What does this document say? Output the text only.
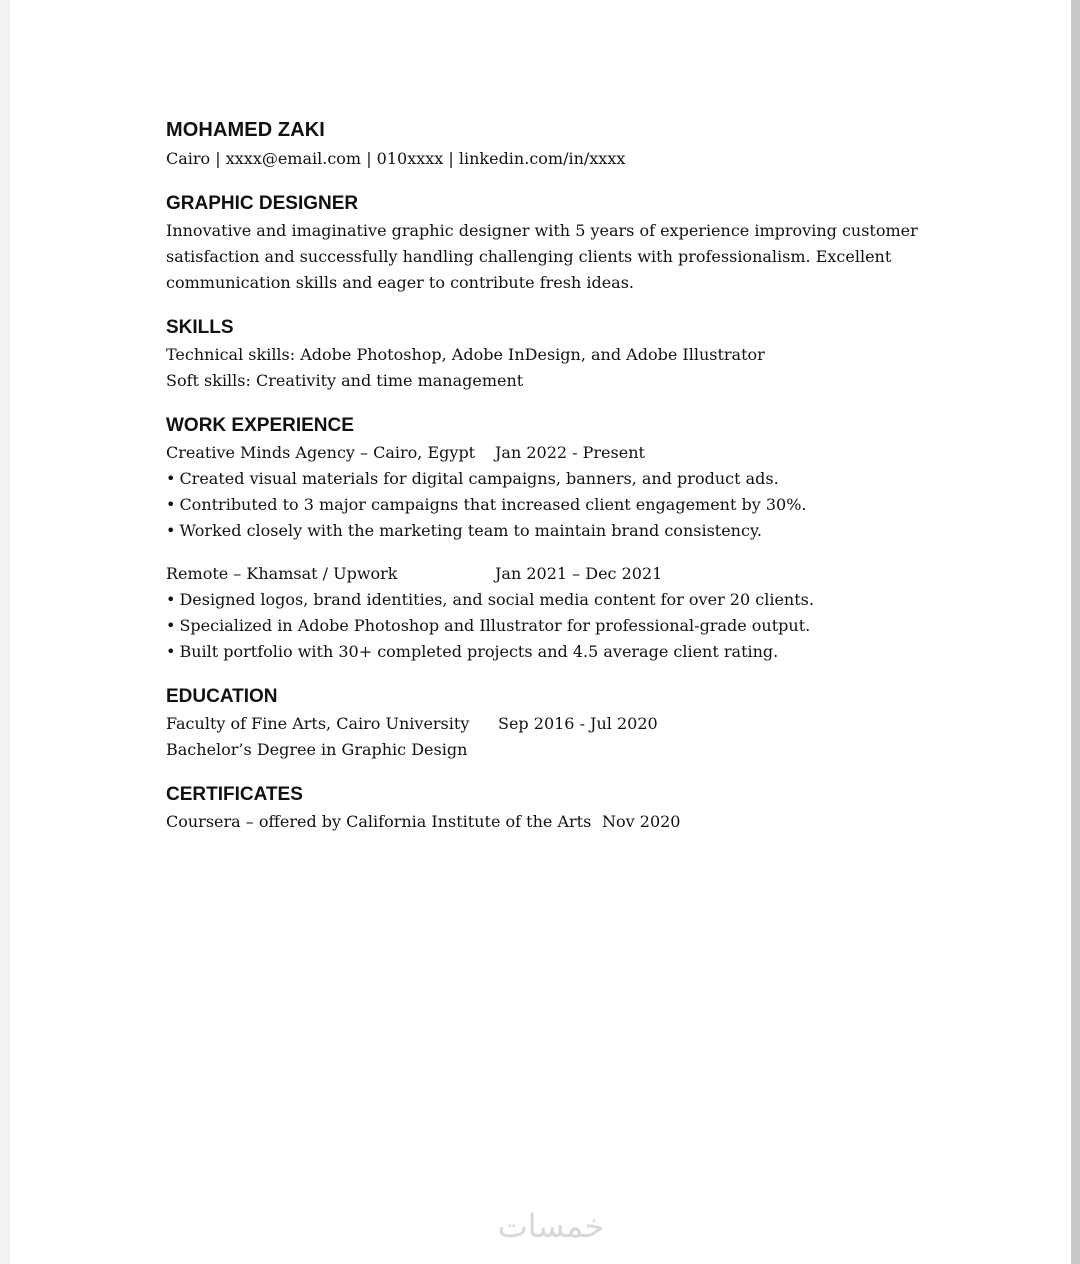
MOHAMED ZAKI

Cairo | xxxx@email.com | 010xxxx | linkedin.com/in/xxxx

GRAPHIC DESIGNER

Innovative and imaginative graphic designer with 5 years of experience improving customer satisfaction and successfully handling challenging clients with professionalism. Excellent communication skills and eager to contribute fresh ideas.

SKILLS

Technical skills: Adobe Photoshop, Adobe InDesign, and Adobe Illustrator

Soft skills: Creativity and time management

WORK EXPERIENCE
Creative Minds Agency – Cairo, Egypt	Jan 2022 - Present

• Created visual materials for digital campaigns, banners, and product ads.

• Contributed to 3 major campaigns that increased client engagement by 30%.

• Worked closely with the marketing team to maintain brand consistency.

Remote – Khamsat / Upwork	Jan 2021 – Dec 2021

• Designed logos, brand identities, and social media content for over 20 clients.

• Specialized in Adobe Photoshop and Illustrator for professional-grade output.

• Built portfolio with 30+ completed projects and 4.5 average client rating.

EDUCATION
Faculty of Fine Arts, Cairo University	Sep 2016 - Jul 2020

Bachelor’s Degree in Graphic Design

CERTIFICATES
Coursera – offered by California Institute of the Arts Nov 2020
خمسات
